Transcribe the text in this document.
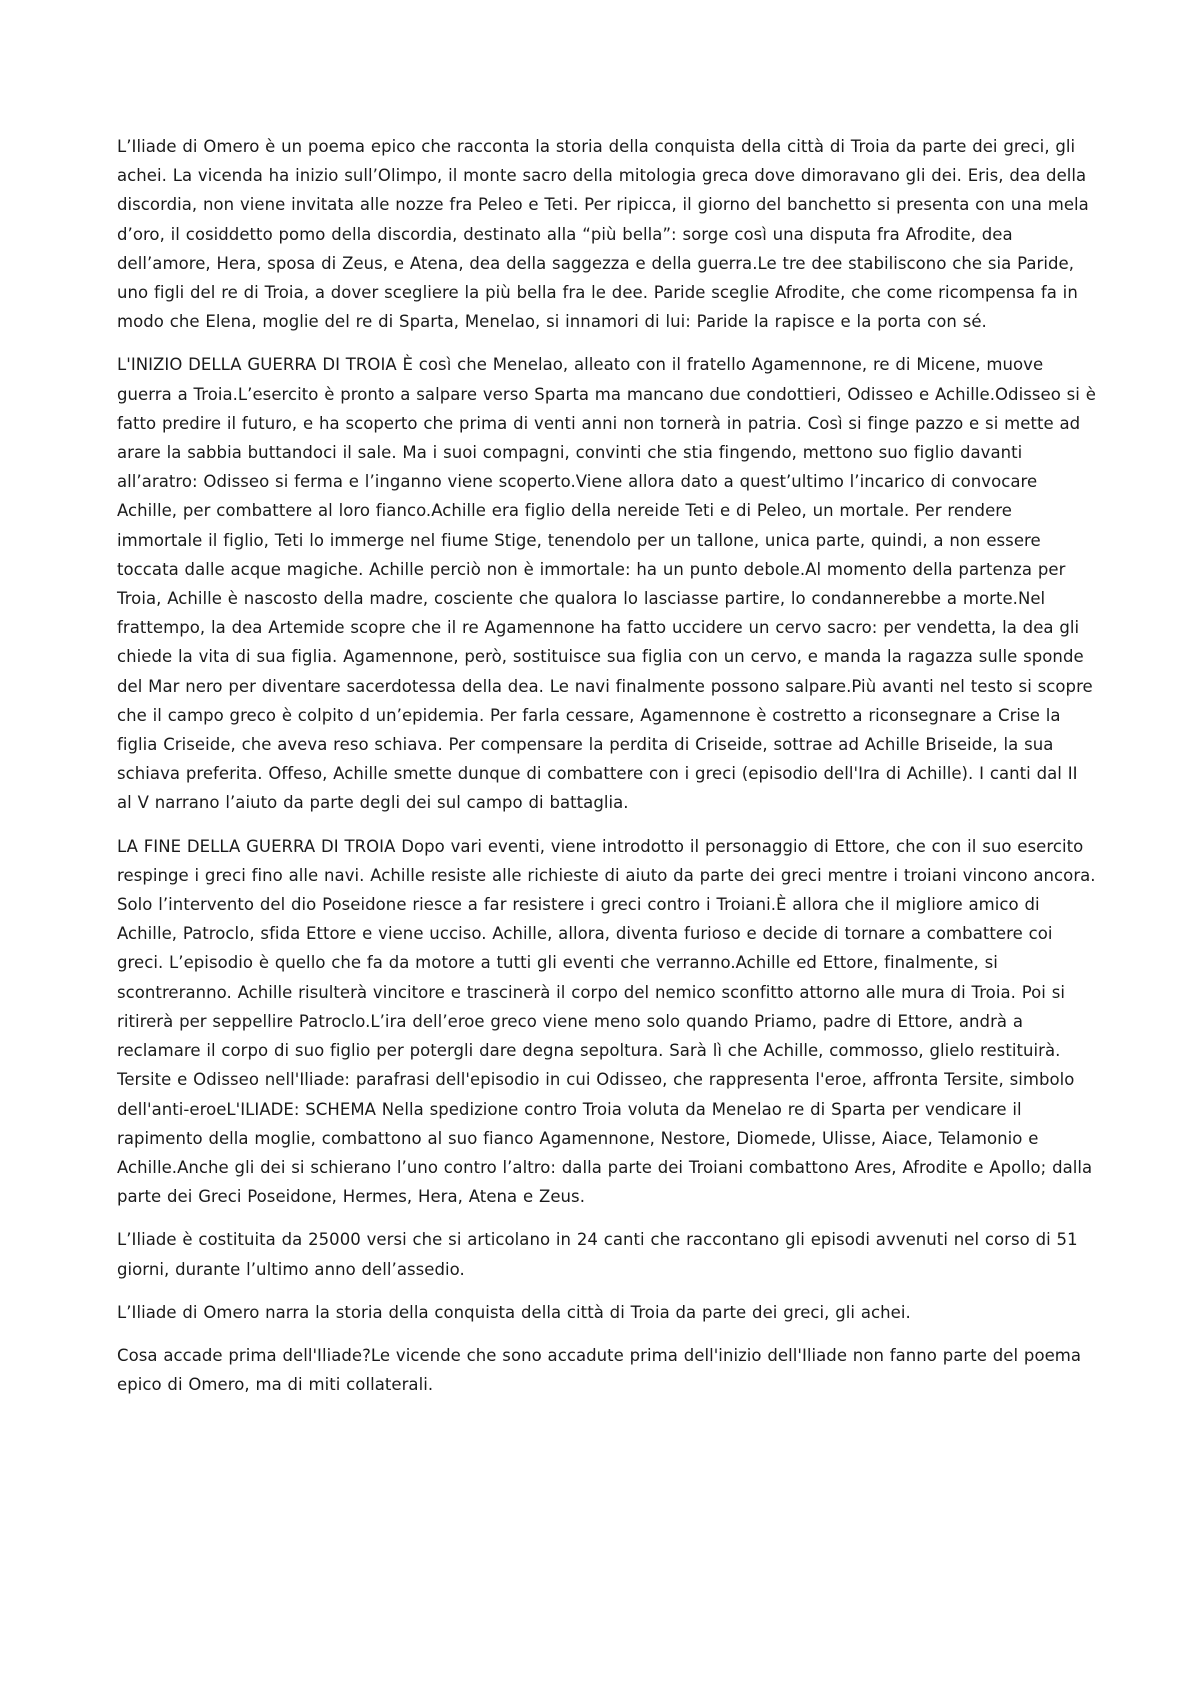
L’Iliade di Omero è un poema epico che racconta la storia della conquista della città di Troia da parte dei greci, gli achei. La vicenda ha inizio sull’Olimpo, il monte sacro della mitologia greca dove dimoravano gli dei. Eris, dea della discordia, non viene invitata alle nozze fra Peleo e Teti. Per ripicca, il giorno del banchetto si presenta con una mela d’oro, il cosiddetto pomo della discordia, destinato alla “più bella”: sorge così una disputa fra Afrodite, dea dell’amore, Hera, sposa di Zeus, e Atena, dea della saggezza e della guerra.Le tre dee stabiliscono che sia Paride, uno figli del re di Troia, a dover scegliere la più bella fra le dee. Paride sceglie Afrodite, che come ricompensa fa in modo che Elena, moglie del re di Sparta, Menelao, si innamori di lui: Paride la rapisce e la porta con sé.

L'INIZIO DELLA GUERRA DI TROIA È così che Menelao, alleato con il fratello Agamennone, re di Micene, muove guerra a Troia.L’esercito è pronto a salpare verso Sparta ma mancano due condottieri, Odisseo e Achille.Odisseo si è fatto predire il futuro, e ha scoperto che prima di venti anni non tornerà in patria. Così si finge pazzo e si mette ad arare la sabbia buttandoci il sale. Ma i suoi compagni, convinti che stia fingendo, mettono suo figlio davanti all’aratro: Odisseo si ferma e l’inganno viene scoperto.Viene allora dato a quest’ultimo l’incarico di convocare Achille, per combattere al loro fianco.Achille era figlio della nereide Teti e di Peleo, un mortale. Per rendere immortale il figlio, Teti lo immerge nel fiume Stige, tenendolo per un tallone, unica parte, quindi, a non essere toccata dalle acque magiche. Achille perciò non è immortale: ha un punto debole.Al momento della partenza per Troia, Achille è nascosto della madre, cosciente che qualora lo lasciasse partire, lo condannerebbe a morte.Nel frattempo, la dea Artemide scopre che il re Agamennone ha fatto uccidere un cervo sacro: per vendetta, la dea gli chiede la vita di sua figlia. Agamennone, però, sostituisce sua figlia con un cervo, e manda la ragazza sulle sponde del Mar nero per diventare sacerdotessa della dea. Le navi finalmente possono salpare.Più avanti nel testo si scopre che il campo greco è colpito d un’epidemia. Per farla cessare, Agamennone è costretto a riconsegnare a Crise la figlia Criseide, che aveva reso schiava. Per compensare la perdita di Criseide, sottrae ad Achille Briseide, la sua schiava preferita. Offeso, Achille smette dunque di combattere con i greci (episodio dell'Ira di Achille). I canti dal II al V narrano l’aiuto da parte degli dei sul campo di battaglia.

LA FINE DELLA GUERRA DI TROIA Dopo vari eventi, viene introdotto il personaggio di Ettore, che con il suo esercito respinge i greci fino alle navi. Achille resiste alle richieste di aiuto da parte dei greci mentre i troiani vincono ancora. Solo l’intervento del dio Poseidone riesce a far resistere i greci contro i Troiani.È allora che il migliore amico di Achille, Patroclo, sfida Ettore e viene ucciso. Achille, allora, diventa furioso e decide di tornare a combattere coi greci. L’episodio è quello che fa da motore a tutti gli eventi che verranno.Achille ed Ettore, finalmente, si scontreranno. Achille risulterà vincitore e trascinerà il corpo del nemico sconfitto attorno alle mura di Troia. Poi si ritirerà per seppellire Patroclo.L’ira dell’eroe greco viene meno solo quando Priamo, padre di Ettore, andrà a reclamare il corpo di suo figlio per potergli dare degna sepoltura. Sarà lì che Achille, commosso, glielo restituirà. Tersite e Odisseo nell'Iliade: parafrasi dell'episodio in cui Odisseo, che rappresenta l'eroe, affronta Tersite, simbolo dell'anti-eroeL'ILIADE: SCHEMA Nella spedizione contro Troia voluta da Menelao re di Sparta per vendicare il rapimento della moglie, combattono al suo fianco Agamennone, Nestore, Diomede, Ulisse, Aiace, Telamonio e Achille.Anche gli dei si schierano l’uno contro l’altro: dalla parte dei Troiani combattono Ares, Afrodite e Apollo; dalla parte dei Greci Poseidone, Hermes, Hera, Atena e Zeus.

L’Iliade è costituita da 25000 versi che si articolano in 24 canti che raccontano gli episodi avvenuti nel corso di 51 giorni, durante l’ultimo anno dell’assedio.

L’Iliade di Omero narra la storia della conquista della città di Troia da parte dei greci, gli achei.

Cosa accade prima dell'Iliade?Le vicende che sono accadute prima dell'inizio dell'Iliade non fanno parte del poema epico di Omero, ma di miti collaterali.
